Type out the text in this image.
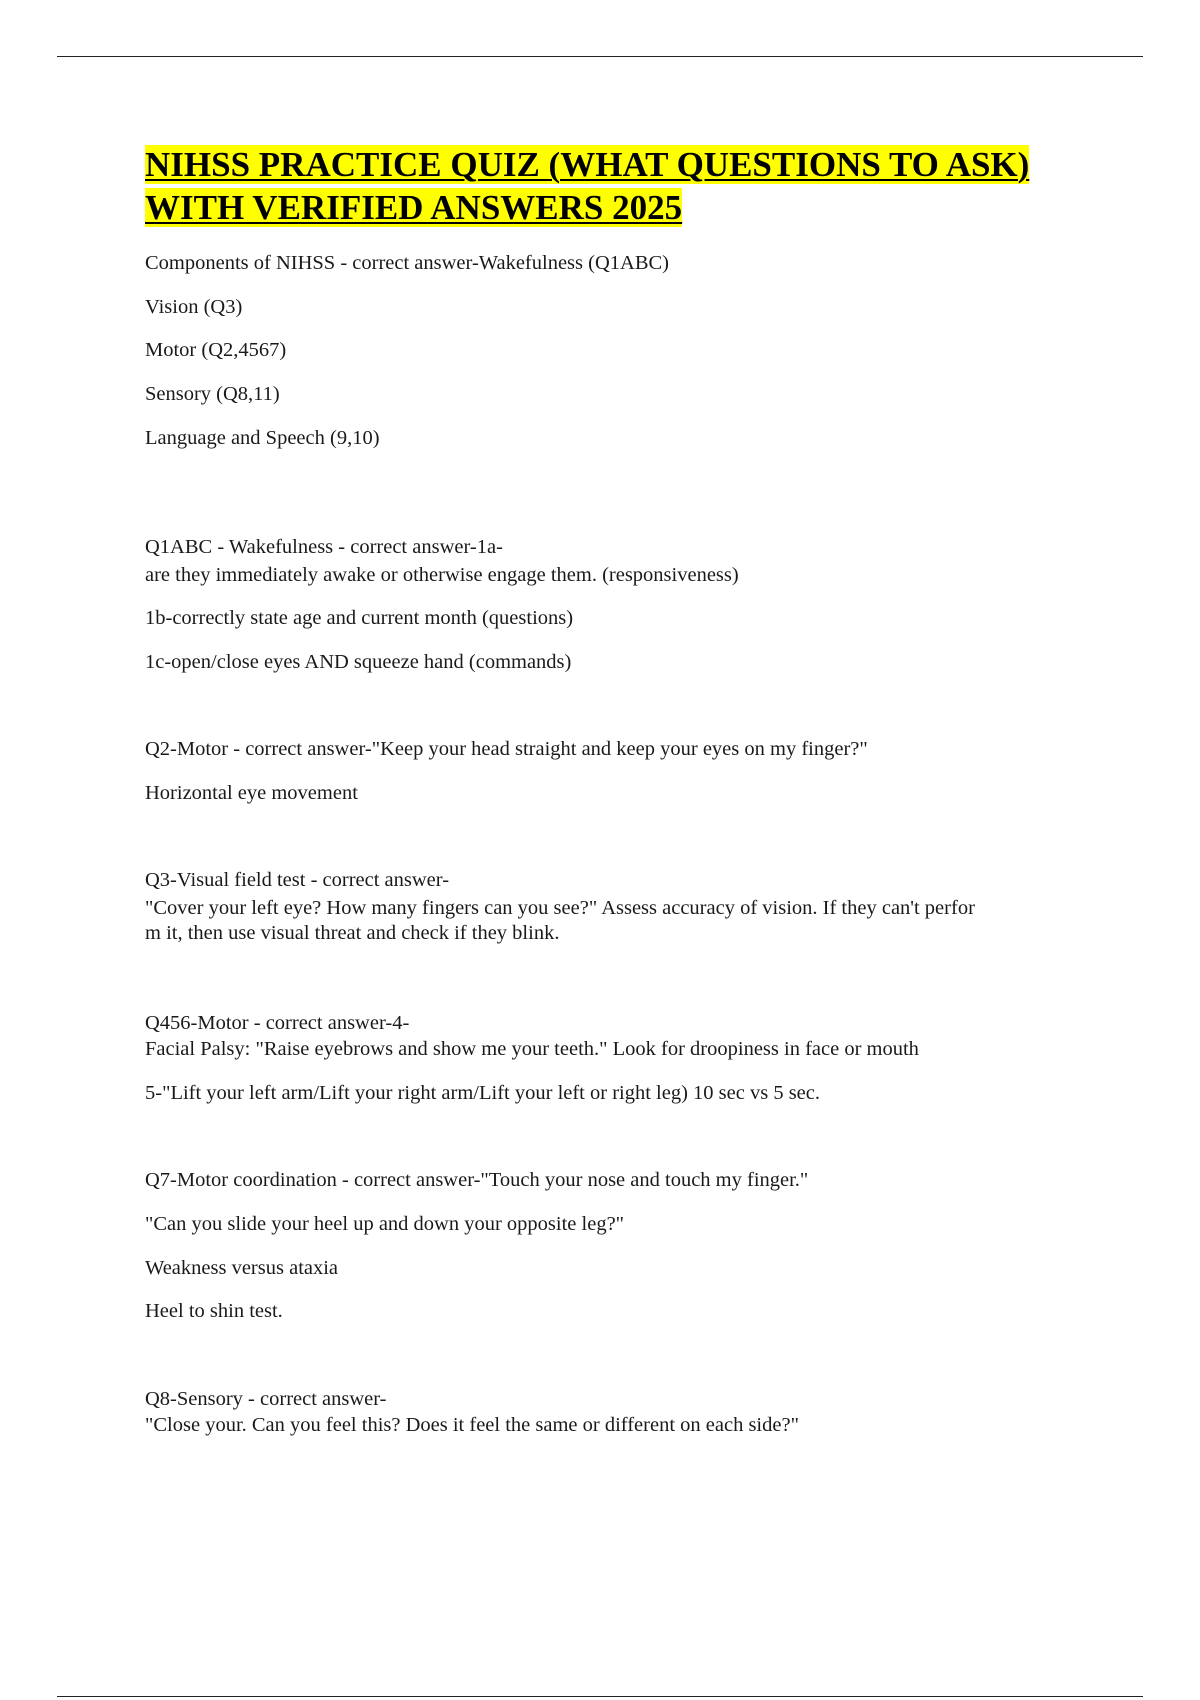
NIHSS PRACTICE QUIZ (WHAT QUESTIONS TO ASK)
WITH VERIFIED ANSWERS 2025

Components of NIHSS - correct answer-Wakefulness (Q1ABC)

Vision (Q3)

Motor (Q2,4567)

Sensory (Q8,11)

Language and Speech (9,10)

Q1ABC - Wakefulness - correct answer-1a-

are they immediately awake or otherwise engage them. (responsiveness)

1b-correctly state age and current month (questions)

1c-open/close eyes AND squeeze hand (commands)

Q2-Motor - correct answer-"Keep your head straight and keep your eyes on my finger?"

Horizontal eye movement

Q3-Visual field test - correct answer-

"Cover your left eye? How many fingers can you see?" Assess accuracy of vision. If they can't perfor

m it, then use visual threat and check if they blink.

Q456-Motor - correct answer-4-

Facial Palsy: "Raise eyebrows and show me your teeth." Look for droopiness in face or mouth

5-"Lift your left arm/Lift your right arm/Lift your left or right leg) 10 sec vs 5 sec.

Q7-Motor coordination - correct answer-"Touch your nose and touch my finger."

"Can you slide your heel up and down your opposite leg?"

Weakness versus ataxia

Heel to shin test.

Q8-Sensory - correct answer-

"Close your. Can you feel this? Does it feel the same or different on each side?"
